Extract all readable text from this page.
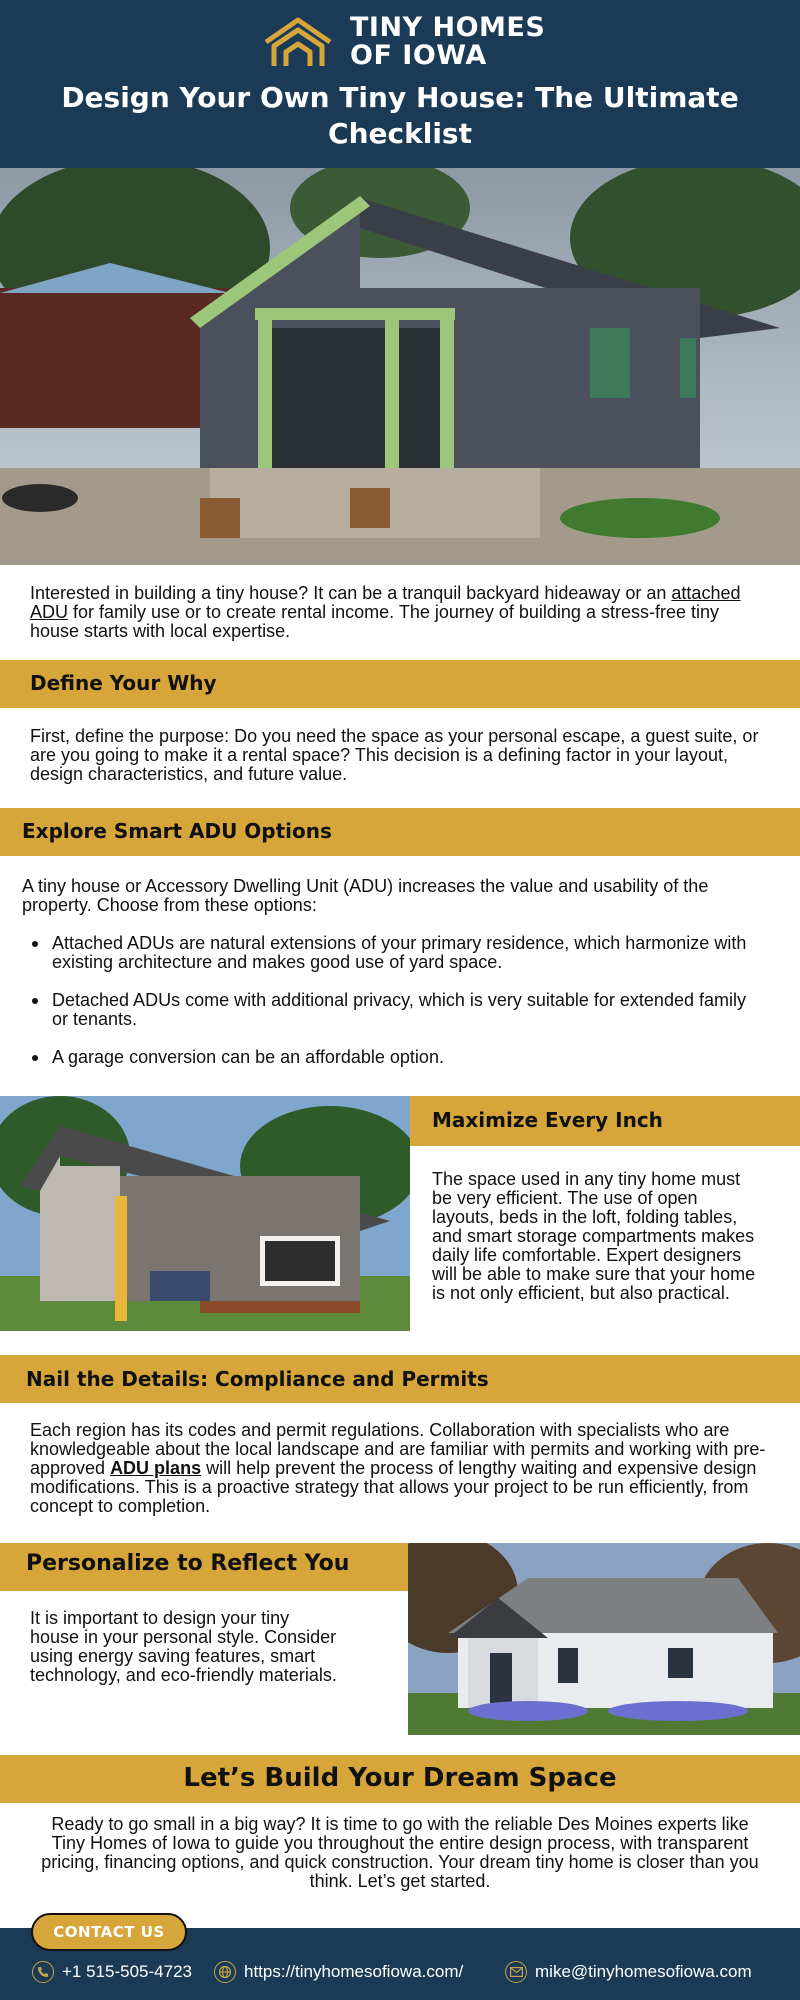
TINY HOMES
OF IOWA
Design Your Own Tiny House: The Ultimate Checklist
Interested in building a tiny house? It can be a tranquil backyard hideaway or an attached ADU for family use or to create rental income. The journey of building a stress-free tiny house starts with local expertise.
Define Your Why
First, define the purpose: Do you need the space as your personal escape, a guest suite, or are you going to make it a rental space? This decision is a defining factor in your layout, design characteristics, and future value.
Explore Smart ADU Options
A tiny house or Accessory Dwelling Unit (ADU) increases the value and usability of the property. Choose from these options:
Attached ADUs are natural extensions of your primary residence, which harmonize with existing architecture and makes good use of yard space.
Detached ADUs come with additional privacy, which is very suitable for extended family or tenants.
A garage conversion can be an affordable option.
Maximize Every Inch
The space used in any tiny home must be very efficient. The use of open layouts, beds in the loft, folding tables, and smart storage compartments makes daily life comfortable. Expert designers will be able to make sure that your home is not only efficient, but also practical.
Nail the Details: Compliance and Permits
Each region has its codes and permit regulations. Collaboration with specialists who are knowledgeable about the local landscape and are familiar with permits and working with pre-approved ADU plans will help prevent the process of lengthy waiting and expensive design modifications. This is a proactive strategy that allows your project to be run efficiently, from concept to completion.
Personalize to Reflect You
It is important to design your tiny house in your personal style. Consider using energy saving features, smart technology, and eco-friendly materials.
Let’s Build Your Dream Space
Ready to go small in a big way? It is time to go with the reliable Des Moines experts like Tiny Homes of Iowa to guide you throughout the entire design process, with transparent pricing, financing options, and quick construction. Your dream tiny home is closer than you think. Let’s get started.
CONTACT US
+1 515-505-4723	https://tinyhomesofiowa.com/	mike@tinyhomesofiowa.com
